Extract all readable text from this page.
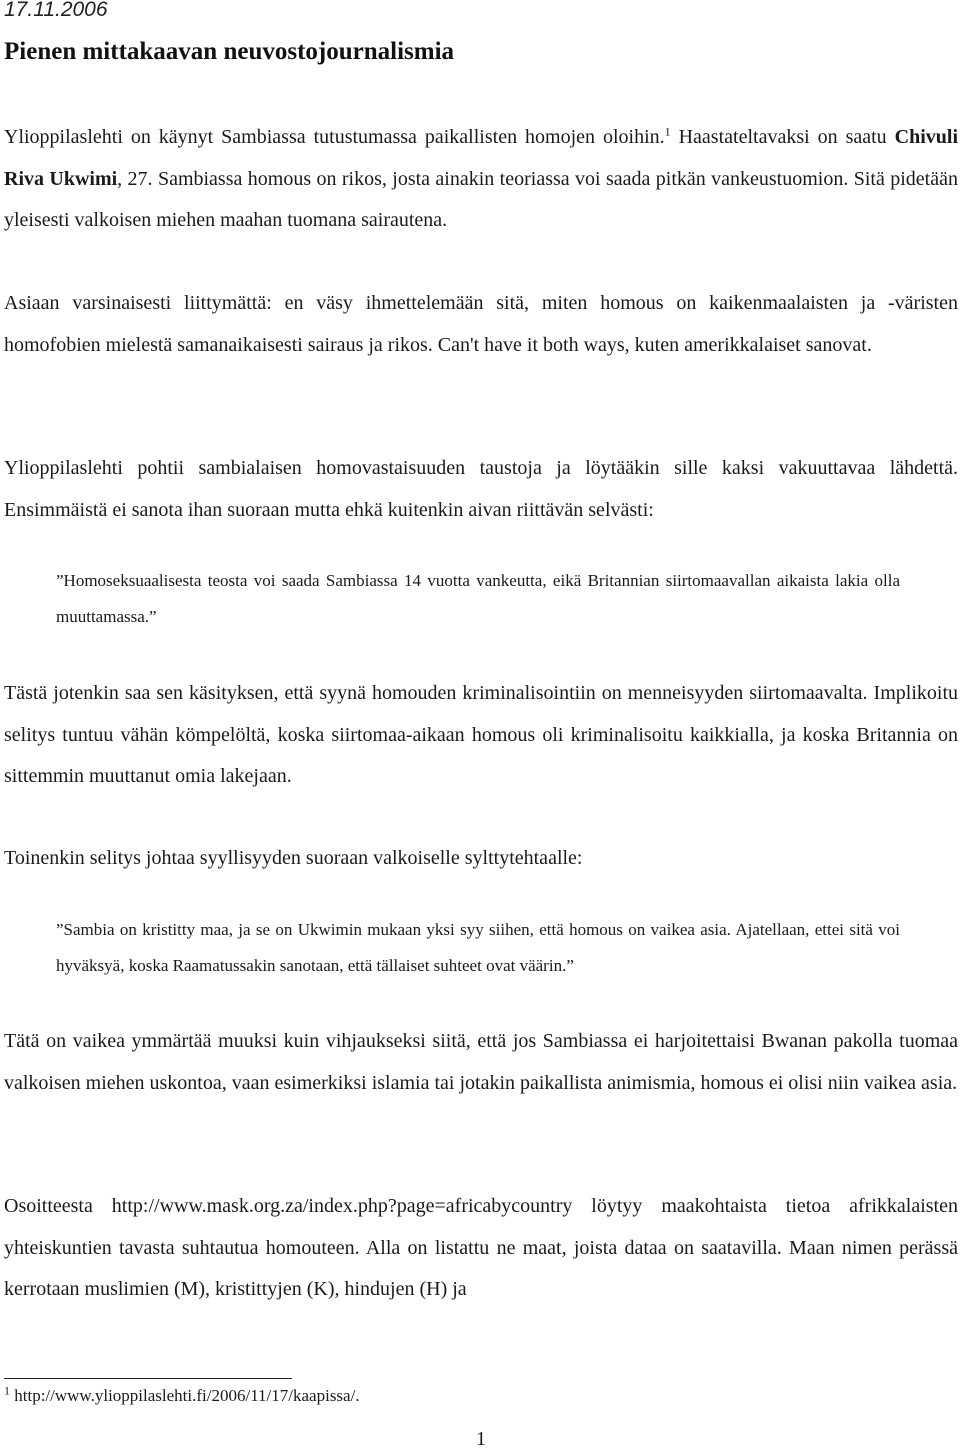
17.11.2006
Pienen mittakaavan neuvostojournalismia

Ylioppilaslehti on käynyt Sambiassa tutustumassa paikallisten homojen oloihin.$^1$ Haastateltavaksi on saatu Chivuli Riva Ukwimi, 27. Sambiassa homous on rikos, josta ainakin teoriassa voi saada pitkän vankeustuomion. Sitä pidetään yleisesti valkoisen miehen maahan tuomana sairautena.

Asiaan varsinaisesti liittymättä: en väsy ihmettelemään sitä, miten homous on kaikenmaalaisten ja -väristen homofobien mielestä samanaikaisesti sairaus ja rikos. Can't have it both ways, kuten amerikkalaiset sanovat.

Ylioppilaslehti pohtii sambialaisen homovastaisuuden taustoja ja löytääkin sille kaksi vakuuttavaa lähdettä. Ensimmäistä ei sanota ihan suoraan mutta ehkä kuitenkin aivan riittävän selvästi:

”Homoseksuaalisesta teosta voi saada Sambiassa 14 vuotta vankeutta, eikä Britannian siirtomaavallan aikaista lakia olla muuttamassa.”

Tästä jotenkin saa sen käsityksen, että syynä homouden kriminalisointiin on menneisyyden siirtomaavalta. Implikoitu selitys tuntuu vähän kömpelöltä, koska siirtomaa-aikaan homous oli kriminalisoitu kaikkialla, ja koska Britannia on sittemmin muuttanut omia lakejaan.

Toinenkin selitys johtaa syyllisyyden suoraan valkoiselle sylttytehtaalle:

”Sambia on kristitty maa, ja se on Ukwimin mukaan yksi syy siihen, että homous on vaikea asia. Ajatellaan, ettei sitä voi hyväksyä, koska Raamatussakin sanotaan, että tällaiset suhteet ovat väärin.”

Tätä on vaikea ymmärtää muuksi kuin vihjaukseksi siitä, että jos Sambiassa ei harjoitettaisi Bwanan pakolla tuomaa valkoisen miehen uskontoa, vaan esimerkiksi islamia tai jotakin paikallista animismia, homous ei olisi niin vaikea asia.

Osoitteesta http://www.mask.org.za/index.php?page=africabycountry löytyy maakohtaista tietoa afrikkalaisten yhteiskuntien tavasta suhtautua homouteen. Alla on listattu ne maat, joista dataa on saatavilla. Maan nimen perässä kerrotaan muslimien (M), kristittyjen (K), hindujen (H) ja

$^1$ http://www.ylioppilaslehti.fi/2006/11/17/kaapissa/.
1
